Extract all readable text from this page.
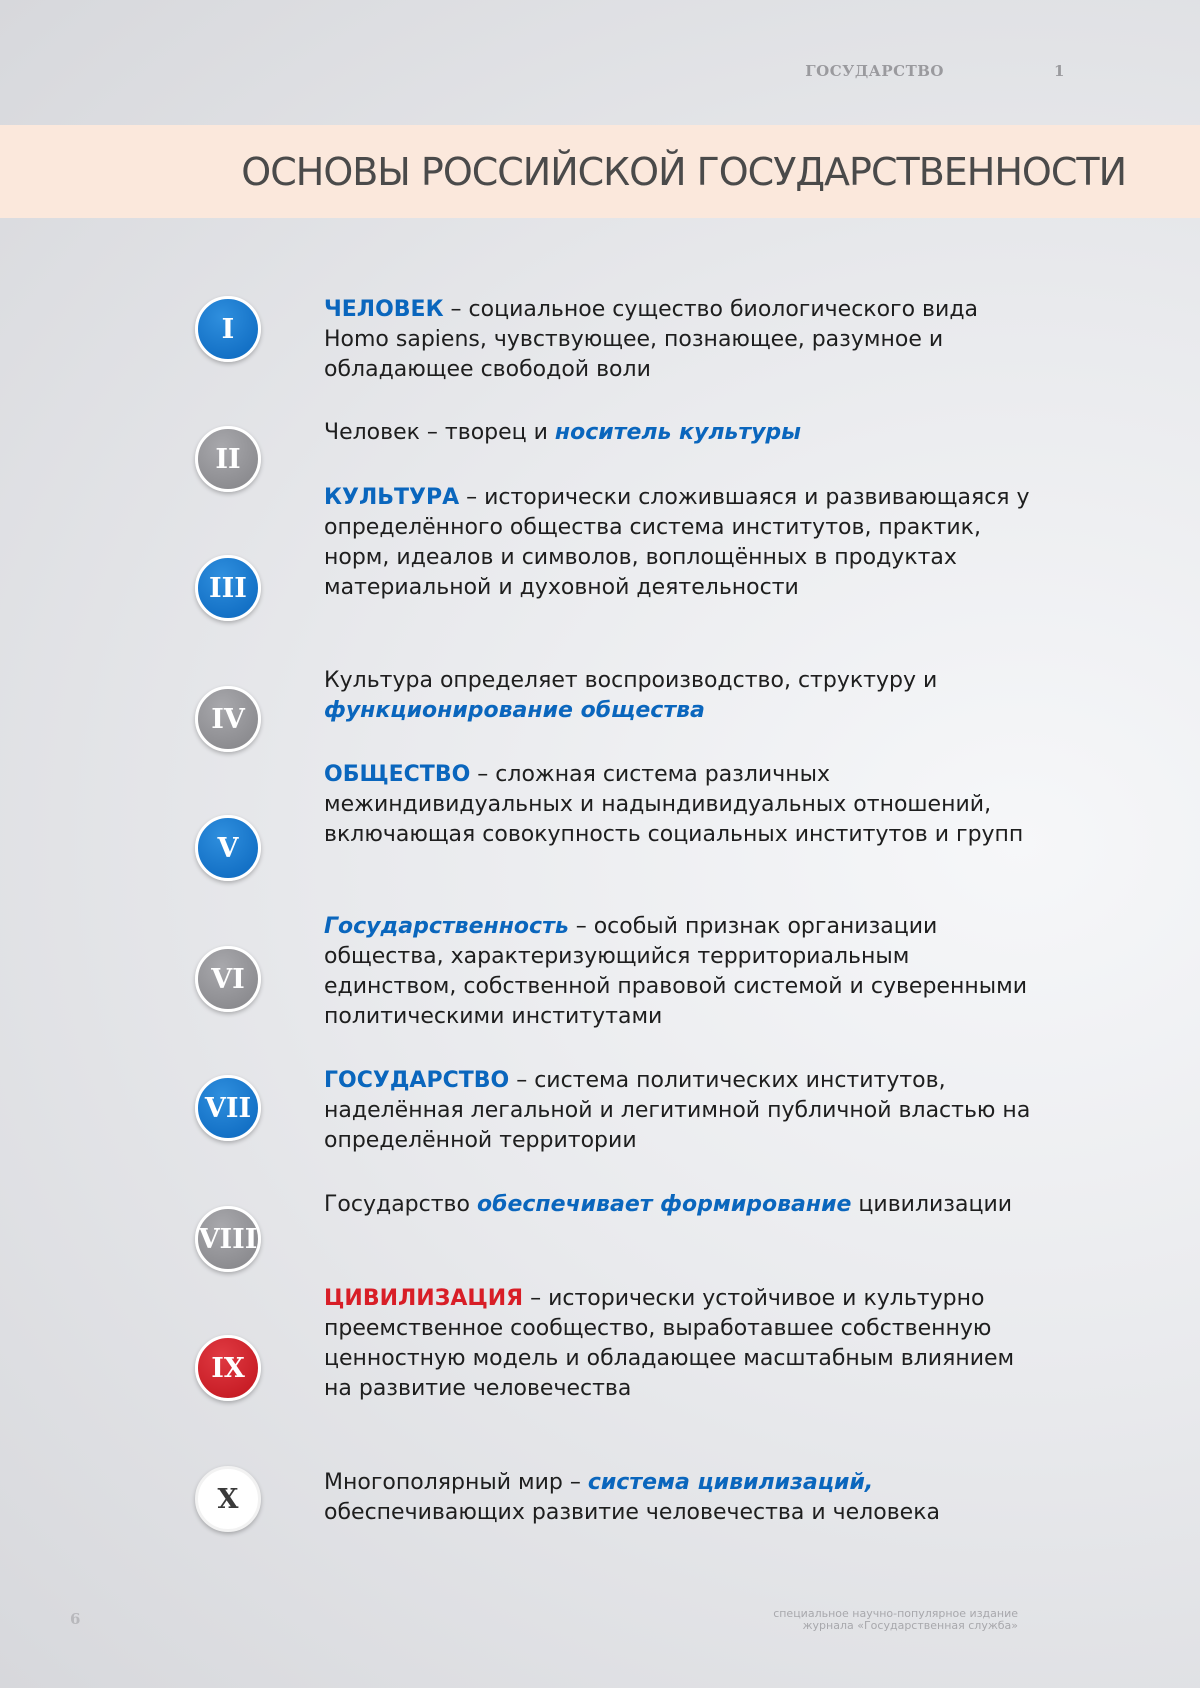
ГОСУДАРСТВО	1
ОСНОВЫ РОССИЙСКОЙ ГОСУДАРСТВЕННОСТИ
I
ЧЕЛОВЕК – социальное существо биологического вида Homo sapiens, чувствующее, познающее, разумное и обладающее свободой воли
II
Человек – творец и носитель культуры
III
КУЛЬТУРА – исторически сложившаяся и развивающаяся у определённого общества система институтов, практик, норм, идеалов и символов, воплощённых в продуктах материальной и духовной деятельности
IV
Культура определяет воспроизводство, структуру и функционирование общества
V
ОБЩЕСТВО – сложная система различных межиндивидуальных и надындивидуальных отношений, включающая совокупность социальных институтов и групп
VI
Государственность – особый признак организации общества, характеризующийся территориальным единством, собственной правовой системой и суверенными политическими институтами
VII
ГОСУДАРСТВО – система политических институтов, наделённая легальной и легитимной публичной властью на определённой территории
VIII
Государство обеспечивает формирование цивилизации
IX
ЦИВИЛИЗАЦИЯ – исторически устойчивое и культурно преемственное сообщество, выработавшее собственную ценностную модель и обладающее масштабным влиянием на развитие человечества
X
Многополярный мир – система цивилизаций, обеспечивающих развитие человечества и человека
6	специальное научно-популярное издание
журнала «Государственная служба»
